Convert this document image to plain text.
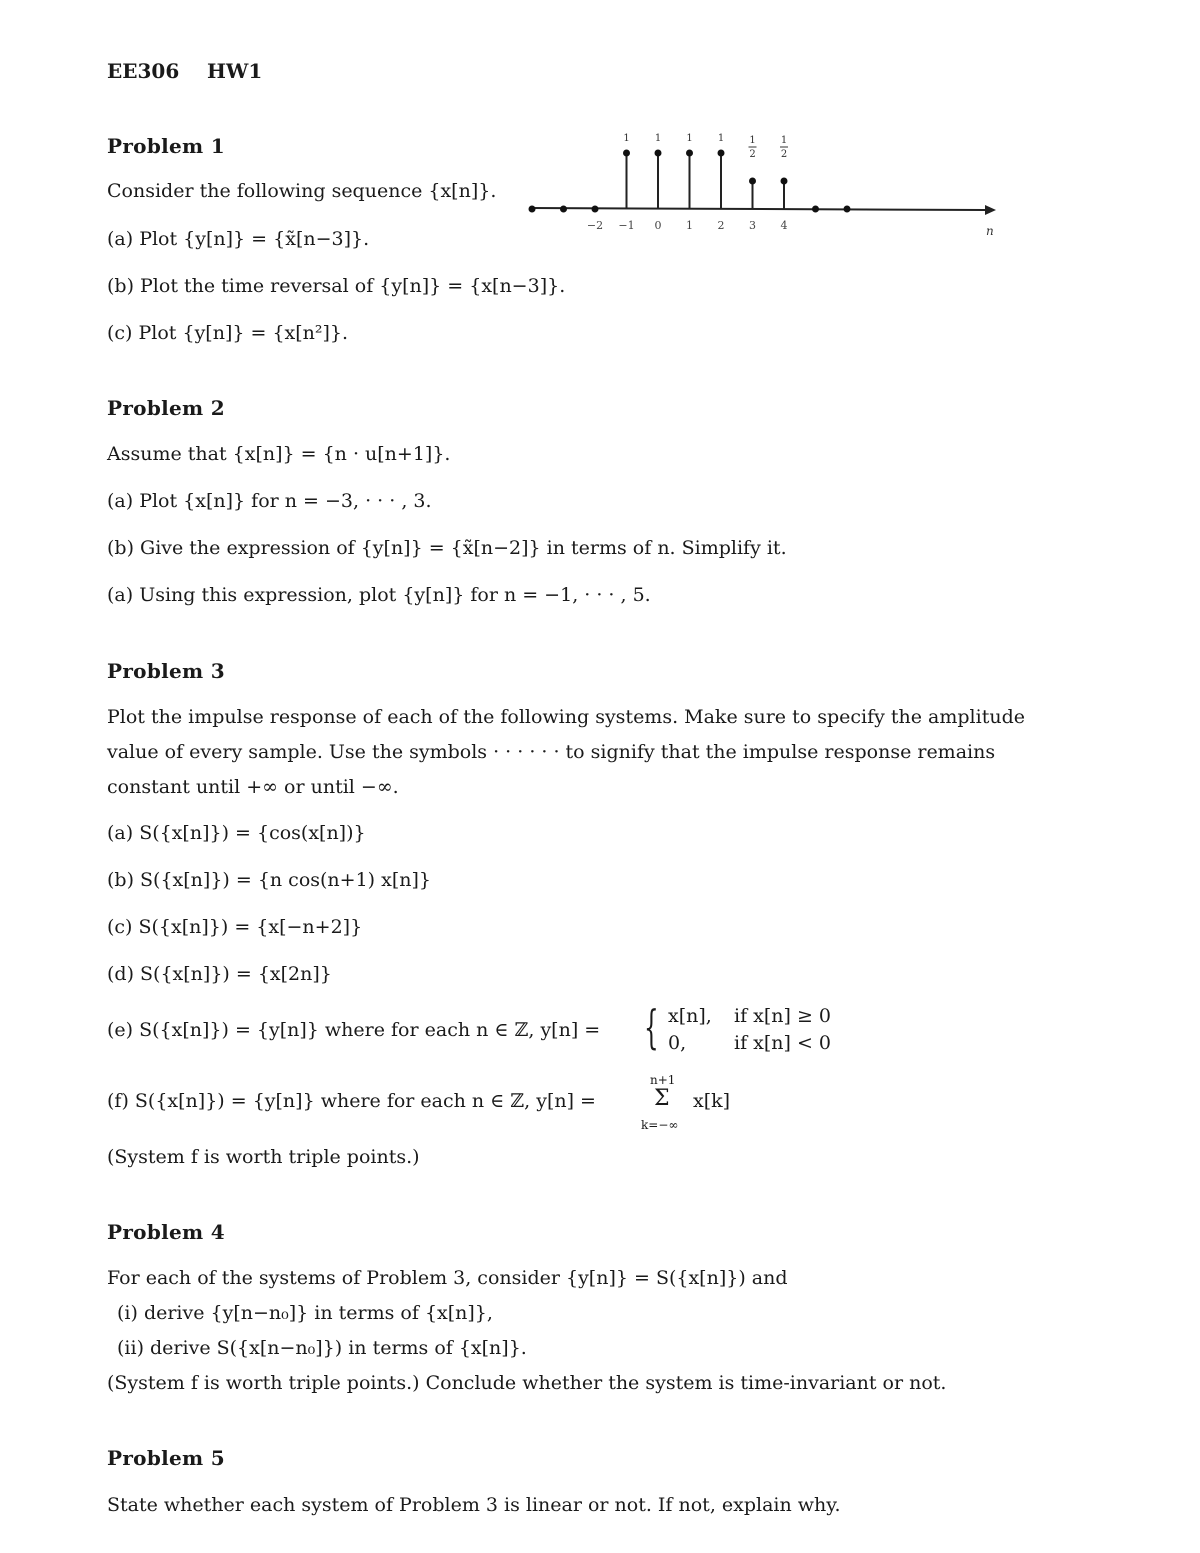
EE306 HW1
Problem 1
Consider the following sequence {x[n]}.
(a) Plot {y[n]} = {x̃[n−3]}.
(b) Plot the time reversal of {y[n]} = {x[n−3]}.
(c) Plot {y[n]} = {x[n²]}.
n
−2 −1 0 1 2 3 4
1	1	1	1	1
2
1
2
Problem 2
Assume that {x[n]} = {n · u[n+1]}.
(a) Plot {x[n]} for n = −3, · · · , 3.
(b) Give the expression of {y[n]} = {x̃[n−2]} in terms of n. Simplify it.
(a) Using this expression, plot {y[n]} for n = −1, · · · , 5.
Problem 3
Plot the impulse response of each of the following systems. Make sure to specify the amplitude
value of every sample. Use the symbols · · · · · · to signify that the impulse response remains
constant until +∞ or until −∞.
(a) S({x[n]}) = {cos(x[n])}
(b) S({x[n]}) = {n cos(n+1) x[n]}
(c) S({x[n]}) = {x[−n+2]}
(d) S({x[n]}) = {x[2n]}
(e) S({x[n]}) = {y[n]} where for each n ∈ ℤ, y[n] = { x[n], if x[n] ≥ 0
0,	if x[n] < 0
(f) S({x[n]}) = {y[n]} where for each n ∈ ℤ, y[n] =
n+1
Σ
k=−∞
x[k]
(System f is worth triple points.)
Problem 4
For each of the systems of Problem 3, consider {y[n]} = S({x[n]}) and
(i) derive {y[n−n₀]} in terms of {x[n]},
(ii) derive S({x[n−n₀]}) in terms of {x[n]}.
(System f is worth triple points.) Conclude whether the system is time-invariant or not.
Problem 5
State whether each system of Problem 3 is linear or not. If not, explain why.
